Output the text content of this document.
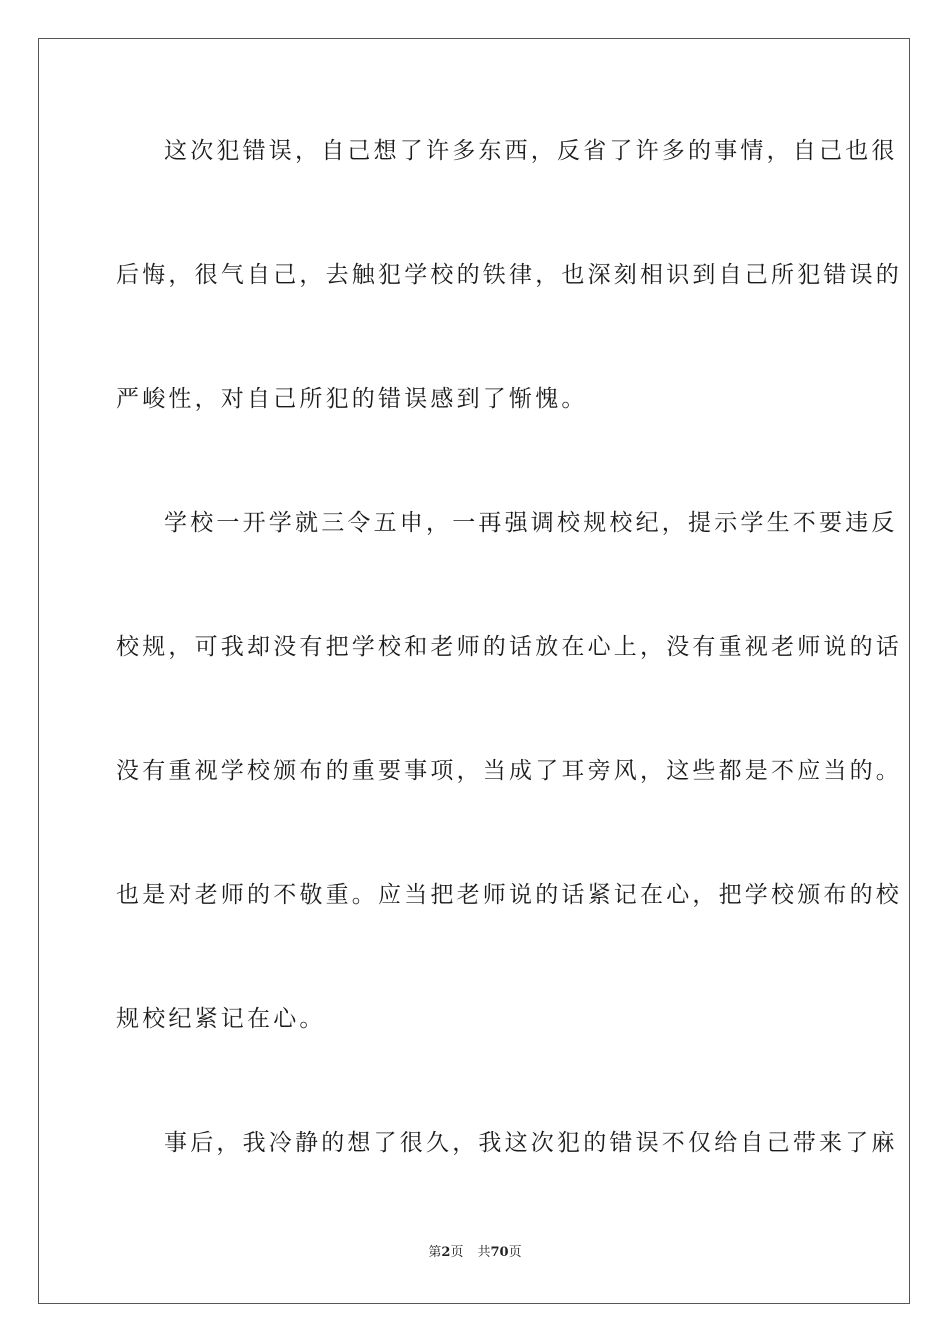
这次犯错误，自己想了许多东西，反省了许多的事情，自己也很
后悔，很气自己，去触犯学校的铁律，也深刻相识到自己所犯错误的
严峻性，对自己所犯的错误感到了惭愧。
学校一开学就三令五申，一再强调校规校纪，提示学生不要违反
校规，可我却没有把学校和老师的话放在心上，没有重视老师说的话
没有重视学校颁布的重要事项，当成了耳旁风，这些都是不应当的。
也是对老师的不敬重。应当把老师说的话紧记在心，把学校颁布的校
规校纪紧记在心。
事后，我冷静的想了很久，我这次犯的错误不仅给自己带来了麻
第2页 共70页
